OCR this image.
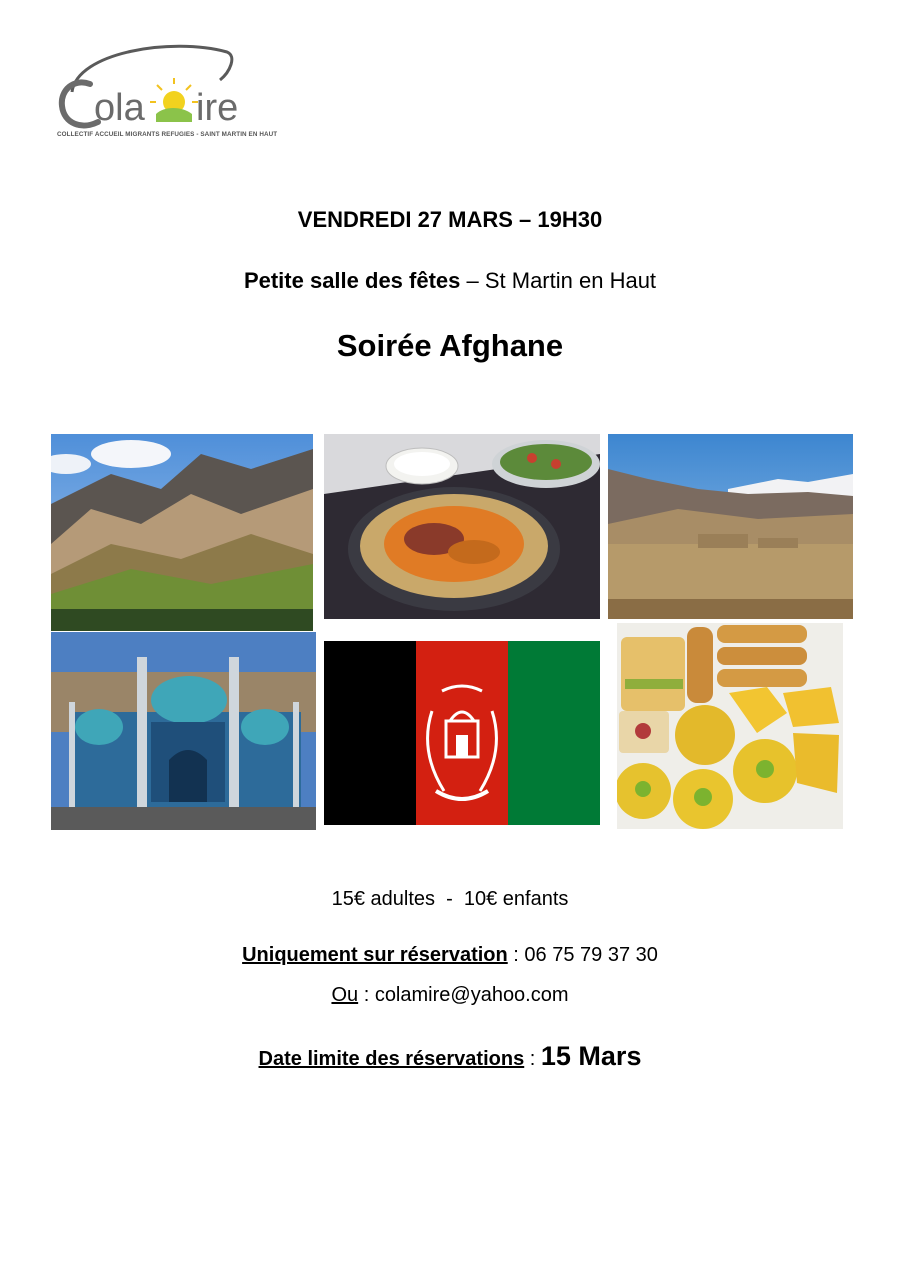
ola ire
COLLECTIF ACCUEIL MIGRANTS REFUGIES - SAINT MARTIN EN HAUT
VENDREDI 27 MARS – 19H30
Petite salle des fêtes – St Martin en Haut
Soirée Afghane
15€ adultes  -  10€ enfants
Uniquement sur réservation : 06 75 79 37 30
Ou : colamire@yahoo.com
Date limite des réservations : 15 Mars
